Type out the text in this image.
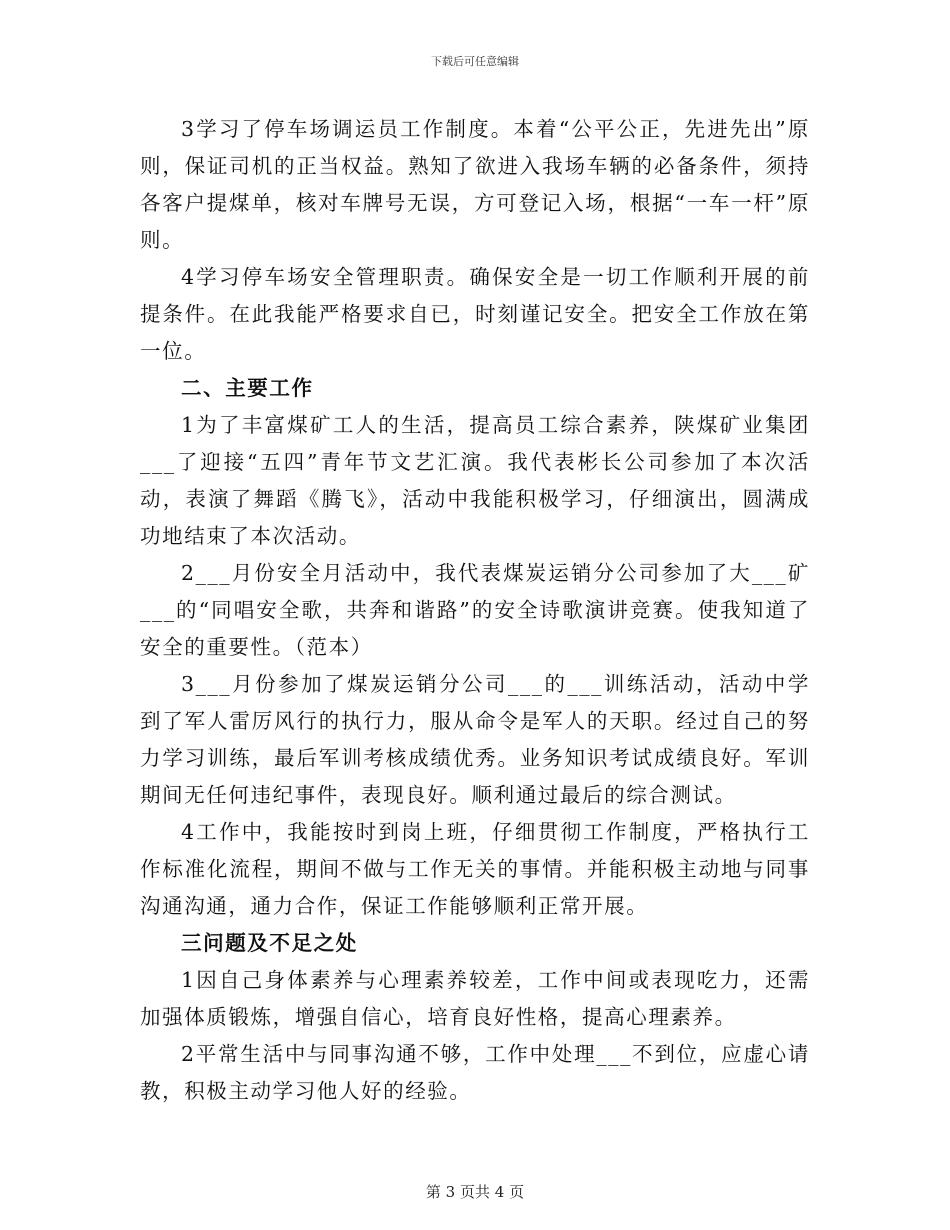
下载后可任意编辑

3学习了停车场调运员工作制度。本着“公平公正，先进先出”原则，保证司机的正当权益。熟知了欲进入我场车辆的必备条件，须持各客户提煤单，核对车牌号无误，方可登记入场，根据“一车一杆”原则。

4学习停车场安全管理职责。确保安全是一切工作顺利开展的前提条件。在此我能严格要求自已，时刻谨记安全。把安全工作放在第一位。

二、主要工作

1为了丰富煤矿工人的生活，提高员工综合素养，陕煤矿业集团___了迎接“五四”青年节文艺汇演。我代表彬长公司参加了本次活动，表演了舞蹈《腾飞》，活动中我能积极学习，仔细演出，圆满成功地结束了本次活动。

2___月份安全月活动中，我代表煤炭运销分公司参加了大___矿___的“同唱安全歌，共奔和谐路”的安全诗歌演讲竞赛。使我知道了安全的重要性。（范本）

3___月份参加了煤炭运销分公司___的___训练活动，活动中学到了军人雷厉风行的执行力，服从命令是军人的天职。经过自己的努力学习训练，最后军训考核成绩优秀。业务知识考试成绩良好。军训期间无任何违纪事件，表现良好。顺利通过最后的综合测试。

4工作中，我能按时到岗上班，仔细贯彻工作制度，严格执行工作标准化流程，期间不做与工作无关的事情。并能积极主动地与同事沟通沟通，通力合作，保证工作能够顺利正常开展。

三问题及不足之处

1因自己身体素养与心理素养较差，工作中间或表现吃力，还需加强体质锻炼，增强自信心，培育良好性格，提高心理素养。

2平常生活中与同事沟通不够，工作中处理___不到位，应虚心请教，积极主动学习他人好的经验。

第 3 页共 4 页
